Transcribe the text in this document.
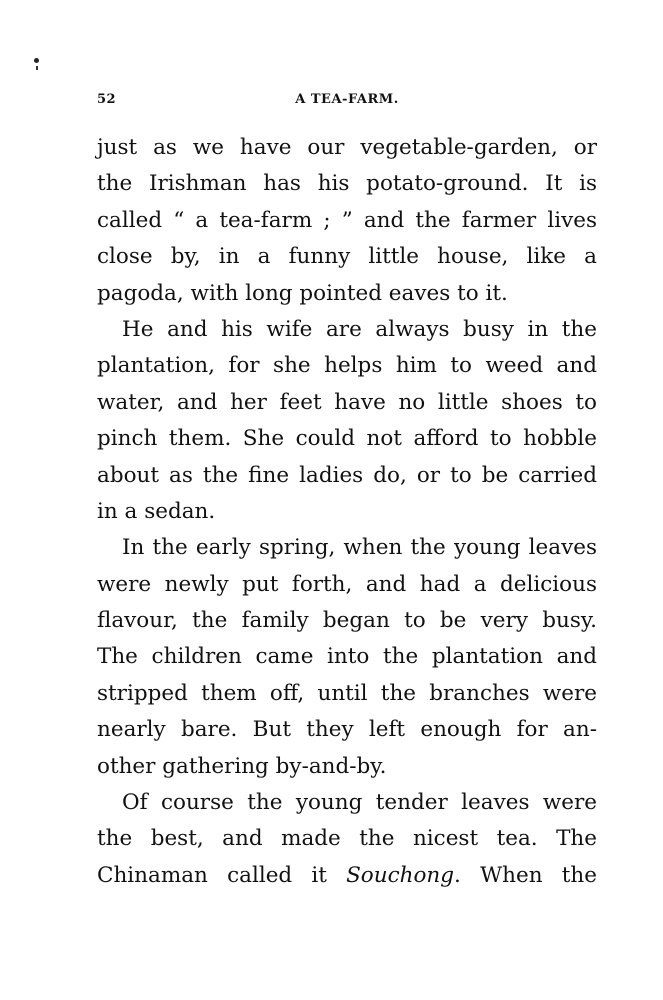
52	A TEA-FARM.
just as we have our vegetable-garden, or
the Irishman has his potato-ground. It is
called “ a tea-farm ; ” and the farmer lives
close by, in a funny little house, like a
pagoda, with long pointed eaves to it.
He and his wife are always busy in the
plantation, for she helps him to weed and
water, and her feet have no little shoes to
pinch them. She could not afford to hobble
about as the fine ladies do, or to be carried
in a sedan.
In the early spring, when the young leaves
were newly put forth, and had a delicious
flavour, the family began to be very busy.
The children came into the plantation and
stripped them off, until the branches were
nearly bare. But they left enough for an-
other gathering by-and-by.
Of course the young tender leaves were
the best, and made the nicest tea. The
Chinaman called it Souchong. When the
